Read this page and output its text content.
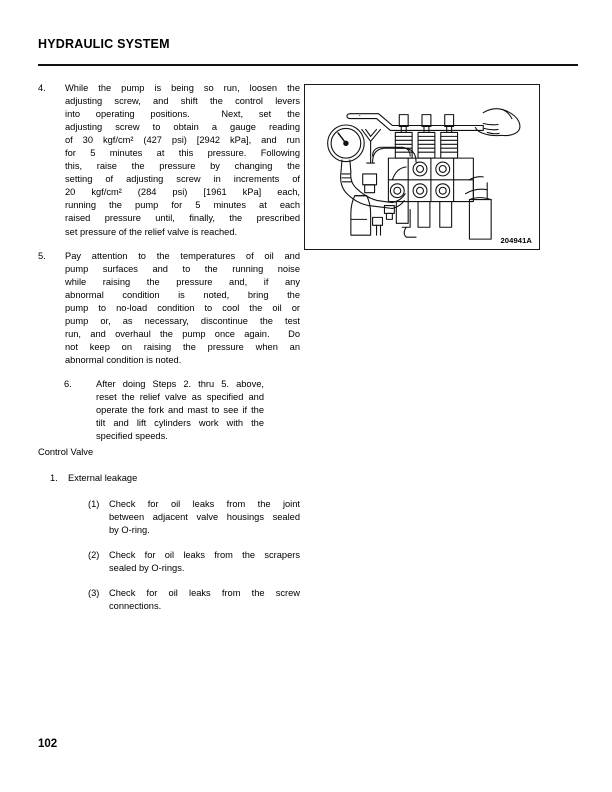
HYDRAULIC SYSTEM
4.	While the pump is being so run, loosen the
adjusting screw, and shift the control levers
into operating positions.  Next, set the
adjusting screw to obtain a gauge reading
of 30 kgf/cm² (427 psi) [2942 kPa], and run
for 5 minutes at this pressure. Following
this, raise the pressure by changing the
setting of adjusting screw in increments of
20 kgf/cm² (284 psi) [1961 kPa] each,
running the pump for 5 minutes at each
raised pressure until, finally, the prescribed
set pressure of the relief valve is reached.
5.	Pay attention to the temperatures of oil and
pump surfaces and to the running noise
while raising the pressure and, if any
abnormal condition is noted, bring the
pump to no-load condition to cool the oil or
pump or, as necessary, discontinue the test
run, and overhaul the pump once again.  Do
not keep on raising the pressure when an
abnormal condition is noted.
6.	After doing Steps 2. thru 5. above,
reset the relief valve as specified and
operate the fork and mast to see if the
tilt and lift cylinders work with the
specified speeds.
Control Valve
1. External leakage
(1)	Check for oil leaks from the joint
between adjacent valve housings sealed
by O-ring.
(2)	Check for oil leaks from the scrapers
sealed by O-rings.
(3)	Check for oil leaks from the screw
connections.
204941A
102
